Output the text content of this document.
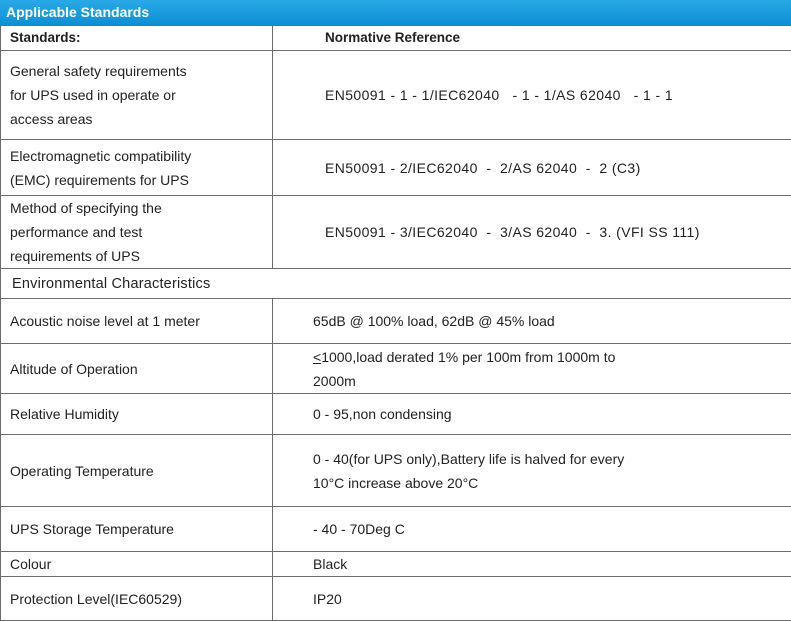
Applicable Standards
Standards:	Normative Reference

General safety requirements
for UPS used in operate or
access areas	EN50091 - 1 - 1/IEC62040   - 1 - 1/AS 62040   - 1 - 1

Electromagnetic compatibility
(EMC) requirements for UPS	EN50091 - 2/IEC62040  -  2/AS 62040  -  2 (C3)

Method of specifying the
performance and test
requirements of UPS	EN50091 - 3/IEC62040  -  3/AS 62040  -  3. (VFI SS 111)
Environmental Characteristics	
Acoustic noise level at 1 meter	65dB @ 100% load, 62dB @ 45% load

Altitude of Operation	≤1000,load derated 1% per 100m from 1000m to
2000m

Relative Humidity	0 - 95,non condensing

Operating Temperature	0 - 40(for UPS only),Battery life is halved for every
10°C increase above 20°C

UPS Storage Temperature	- 40 - 70Deg C

Colour	Black

Protection Level(IEC60529)	IP20
